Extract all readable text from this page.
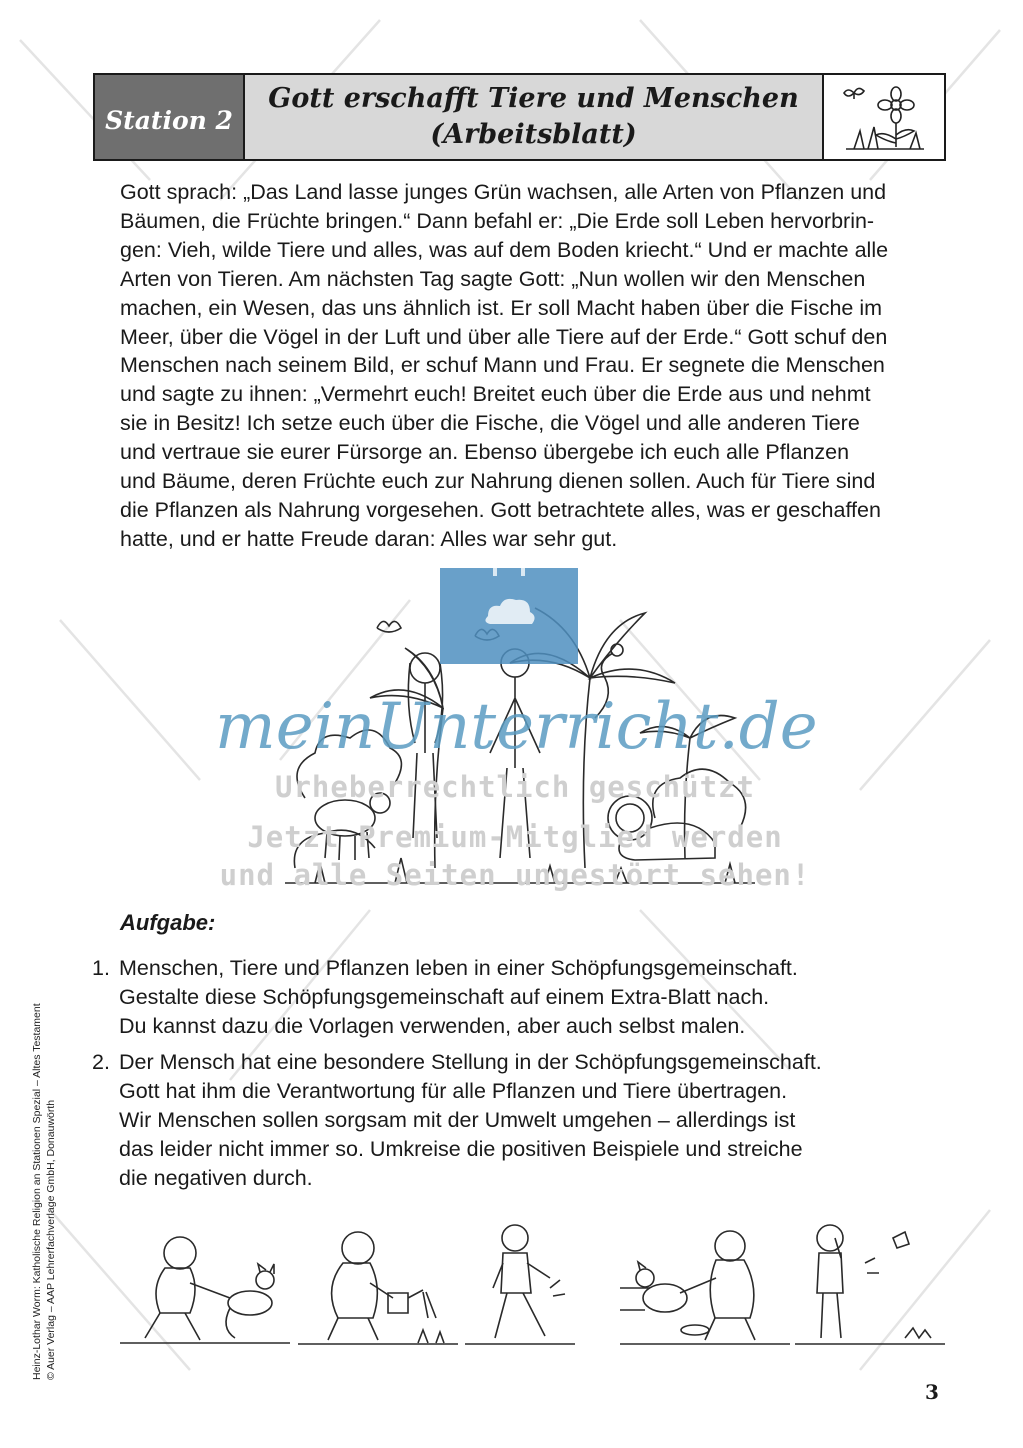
Station 2
Gott erschafft Tiere und Menschen
(Arbeitsblatt)

Gott sprach: „Das Land lasse junges Grün wachsen, alle Arten von Pflanzen und

Bäumen, die Früchte bringen.“ Dann befahl er: „Die Erde soll Leben hervorbrin-

gen: Vieh, wilde Tiere und alles, was auf dem Boden kriecht.“ Und er machte alle

Arten von Tieren. Am nächsten Tag sagte Gott: „Nun wollen wir den Menschen

machen, ein Wesen, das uns ähnlich ist. Er soll Macht haben über die Fische im

Meer, über die Vögel in der Luft und über alle Tiere auf der Erde.“ Gott schuf den

Menschen nach seinem Bild, er schuf Mann und Frau. Er segnete die Menschen

und sagte zu ihnen: „Vermehrt euch! Breitet euch über die Erde aus und nehmt

sie in Besitz! Ich setze euch über die Fische, die Vögel und alle anderen Tiere

und vertraue sie eurer Fürsorge an. Ebenso übergebe ich euch alle Pflanzen

und Bäume, deren Früchte euch zur Nahrung dienen sollen. Auch für Tiere sind

die Pflanzen als Nahrung vorgesehen. Gott betrachtete alles, was er geschaffen

hatte, und er hatte Freude daran: Alles war sehr gut.

meinUnterricht.de
Urheberrechtlich geschützt
Jetzt Premium-Mitglied werden
und alle Seiten ungestört sehen!
Aufgabe:
1. Menschen, Tiere und Pflanzen leben in einer Schöpfungsgemeinschaft.
Gestalte diese Schöpfungsgemeinschaft auf einem Extra-Blatt nach.
Du kannst dazu die Vorlagen verwenden, aber auch selbst malen.
2. Der Mensch hat eine besondere Stellung in der Schöpfungsgemeinschaft.
Gott hat ihm die Verantwortung für alle Pflanzen und Tiere übertragen.
Wir Menschen sollen sorgsam mit der Umwelt umgehen – allerdings ist
das leider nicht immer so. Umkreise die positiven Beispiele und streiche
die negativen durch.
Heinz-Lothar Worm: Katholische Religion an Stationen Spezial – Altes Testament © Auer Verlag – AAP Lehrerfachverlage GmbH, Donauwörth
3
